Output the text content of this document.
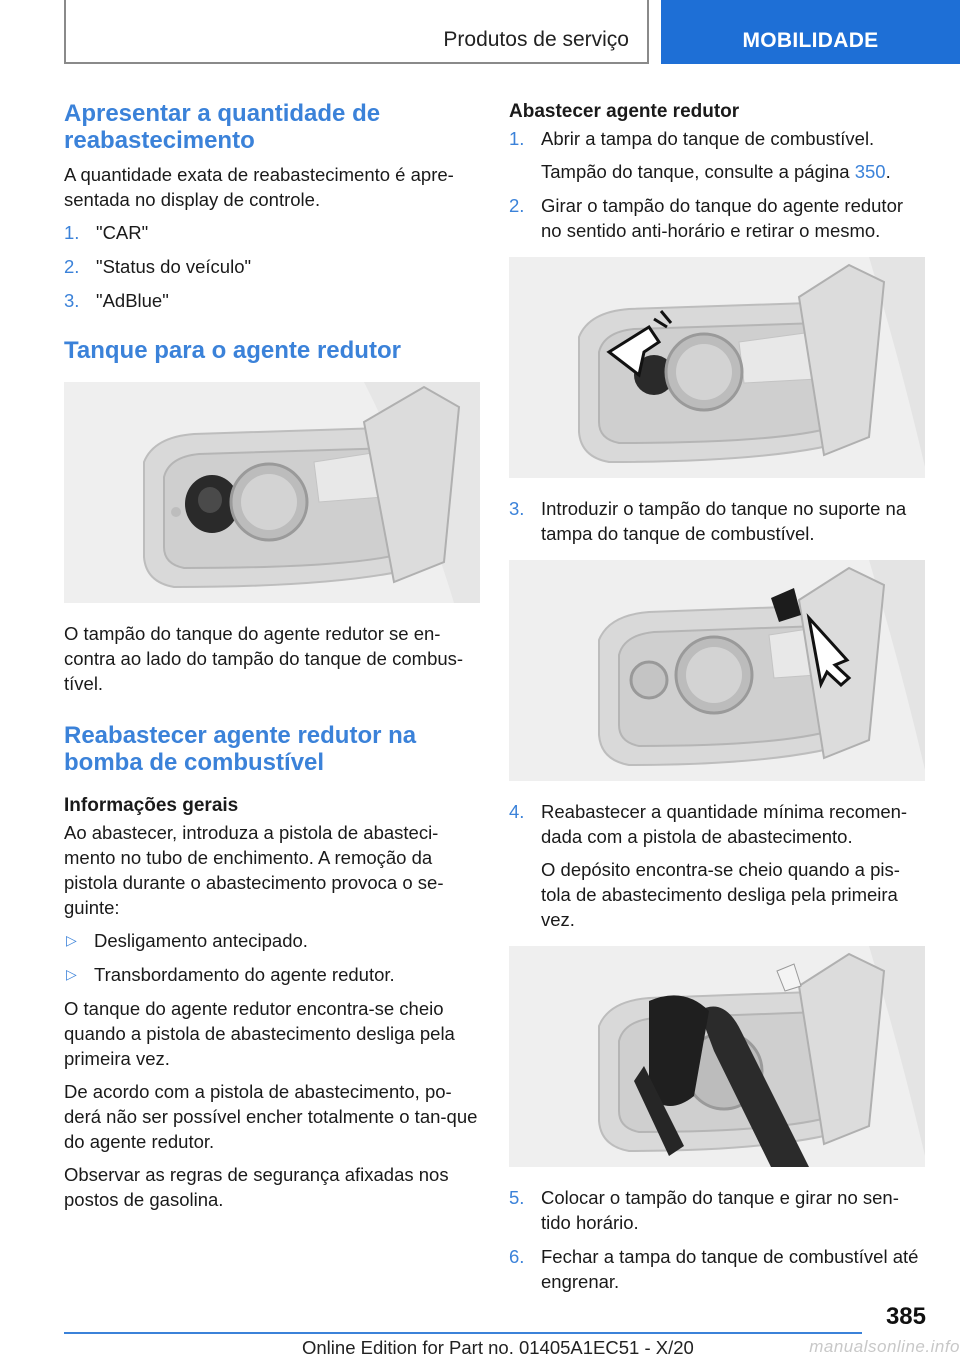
Produtos de serviço	MOBILIDADE
Apresentar a quantidade de reabastecimento

A quantidade exata de reabastecimento é apre-sentada no display de controle.

1. "CAR"
2. "Status do veículo"
3. "AdBlue"
Tanque para o agente redutor

O tampão do tanque do agente redutor se en-contra ao lado do tampão do tanque de combus-tível.

Reabastecer agente redutor na bomba de combustível
Informações gerais

Ao abastecer, introduza a pistola de abasteci-mento no tubo de enchimento. A remoção da pistola durante o abastecimento provoca o se-guinte:

▷ Desligamento antecipado.
▷ Transbordamento do agente redutor.

O tanque do agente redutor encontra-se cheio quando a pistola de abastecimento desliga pela primeira vez.

De acordo com a pistola de abastecimento, po-derá não ser possível encher totalmente o tan-que do agente redutor.

Observar as regras de segurança afixadas nos postos de gasolina.

Abastecer agente redutor
1. Abrir a tampa do tanque de combustível.
Tampão do tanque, consulte a página 350.
2. Girar o tampão do tanque do agente redutor no sentido anti-horário e retirar o mesmo.
3. Introduzir o tampão do tanque no suporte na tampa do tanque de combustível.
4. Reabastecer a quantidade mínima recomen-dada com a pistola de abastecimento.
O depósito encontra-se cheio quando a pis-tola de abastecimento desliga pela primeira vez.
5. Colocar o tampão do tanque e girar no sen-tido horário.
6. Fechar a tampa do tanque de combustível até engrenar.
385
Online Edition for Part no. 01405A1EC51 - X/20	manualsonline.info
